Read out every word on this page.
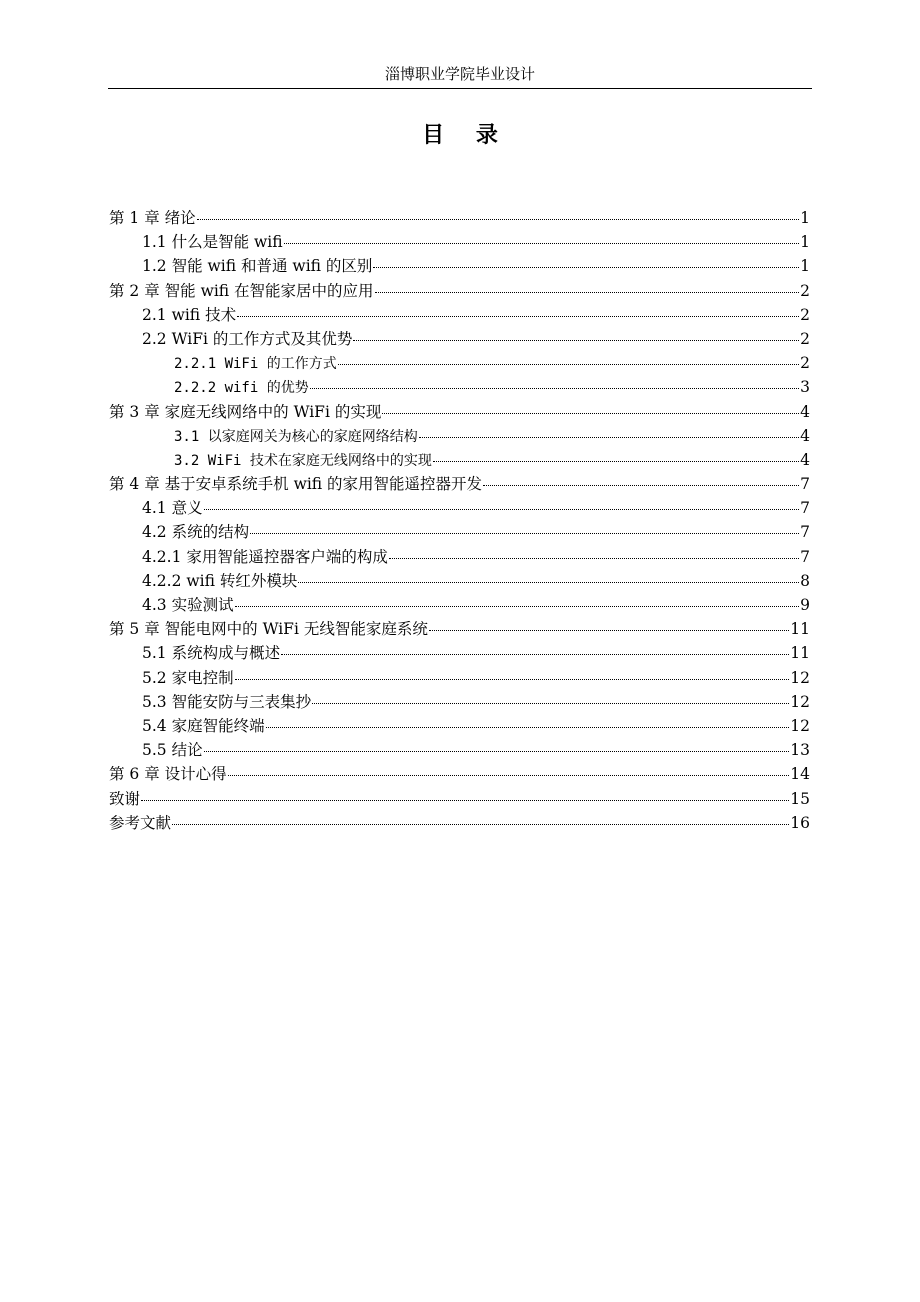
淄博职业学院毕业设计
目 录
第 1 章 绪论	1
1.1 什么是智能 wifi	1
1.2 智能 wifi 和普通 wifi 的区别	1
第 2 章 智能 wifi 在智能家居中的应用	2
2.1 wifi 技术	2
2.2 WiFi 的工作方式及其优势	2
2.2.1 WiFi 的工作方式	2
2.2.2 wifi 的优势	3
第 3 章 家庭无线网络中的 WiFi 的实现	4
3.1 以家庭网关为核心的家庭网络结构	4
3.2 WiFi 技术在家庭无线网络中的实现	4
第 4 章 基于安卓系统手机 wifi 的家用智能遥控器开发	7
4.1 意义	7
4.2 系统的结构	7
4.2.1 家用智能遥控器客户端的构成	7
4.2.2 wifi 转红外模块	8
4.3 实验测试	9
第 5 章 智能电网中的 WiFi 无线智能家庭系统	11
5.1 系统构成与概述	11
5.2 家电控制	12
5.3 智能安防与三表集抄	12
5.4 家庭智能终端	12
5.5 结论	13
第 6 章 设计心得	14
致谢	15
参考文献	16
